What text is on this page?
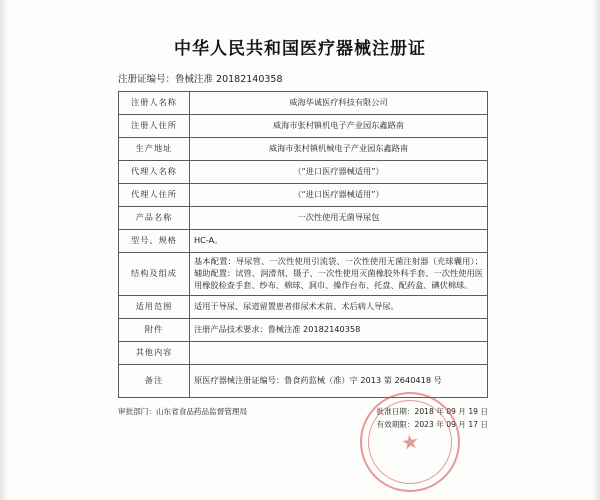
中华人民共和国医疗器械注册证
注册证编号：鲁械注准 20182140358
注册人名称	威海华诚医疗科技有限公司
注册人住所	威海市张村镇机电子产业园东鑫路南
生产地址	威海市张村镇机械电子产业园东鑫路南
代理人名称	（“进口医疗器械适用”）
代理人住所	（“进口医疗器械适用”）
产品名称	一次性使用无菌导尿包
型号、规格	HC-A。
结构及组成	基本配置：导尿管、一次性使用引流袋、一次性使用无菌注射器（充球囊用）；辅助配置：试管、润滑剂、镊子、一次性使用灭菌橡胶外科手套、一次性使用医用橡胶检查手套、纱布、棉球、洞巾、操作台布、托盘、配药盒、碘伏棉球。
适用范围	适用于导尿、尿道留置患者排尿术术前、术后病人导尿。
附件	注册产品技术要求：鲁械注准 20182140358
其他内容	
备注	原医疗器械注册证编号：鲁食药监械（准）字 2013 第 2640418 号
审批部门：山东省食品药品监督管理局	批准日期：2018 年 09 月 19 日
有效期限：2023 年 09 月 17 日
★
